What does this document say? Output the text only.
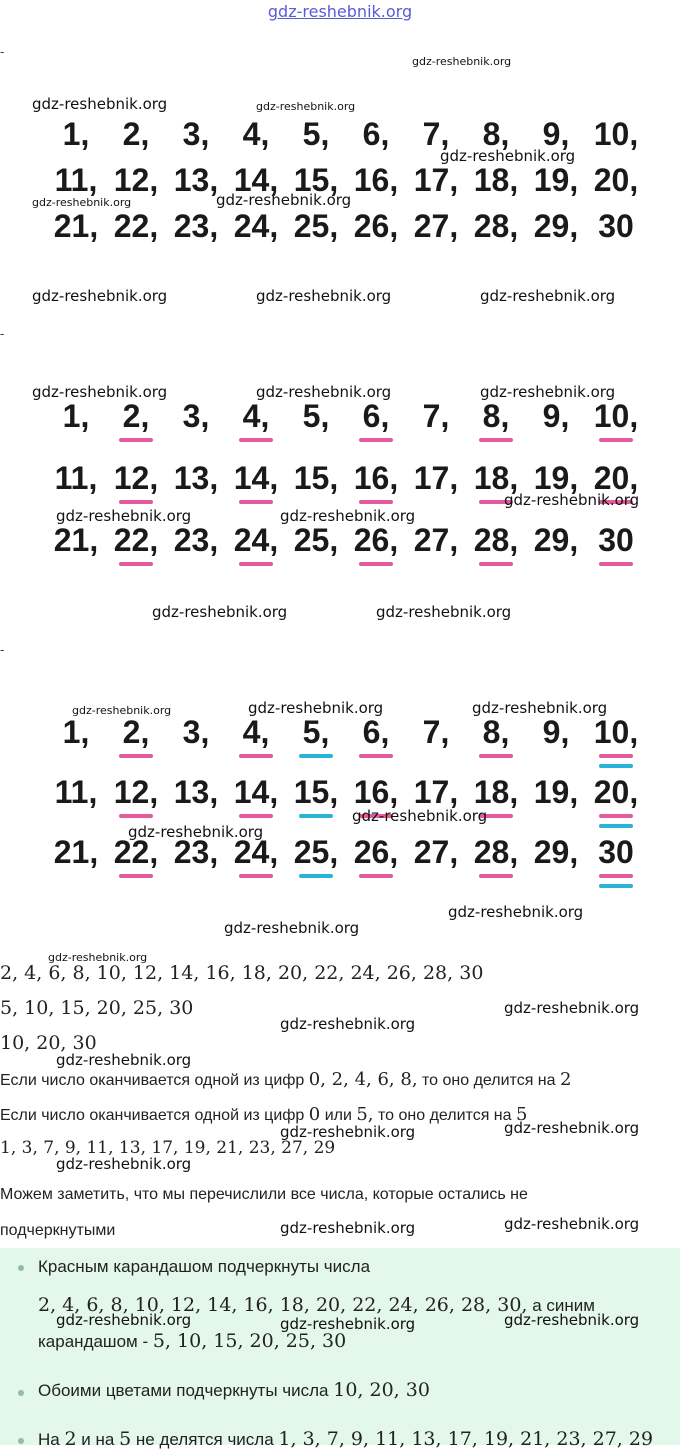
gdz-reshebnik.org
-
-
-
1,	2,	3,	4,	5,	6,	7,	8,	9, 10,
11, 12, 13, 14, 15, 16, 17, 18, 19, 20,
21, 22, 23, 24, 25, 26, 27, 28, 29, 30
1,	2,	3,	4,	5,	6,	7,	8,	9, 10,
11, 12, 13, 14, 15, 16, 17, 18, 19, 20,
21, 22, 23, 24, 25, 26, 27, 28, 29, 30
1,	2,	3,	4,	5,	6,	7,	8,	9, 10,
11, 12, 13, 14, 15, 16, 17, 18, 19, 20,
21, 22, 23, 24, 25, 26, 27, 28, 29, 30
2, 4, 6, 8, 10, 12, 14, 16, 18, 20, 22, 24, 26, 28, 30
5, 10, 15, 20, 25, 30
10, 20, 30
Если число оканчивается одной из цифр 0, 2, 4, 6, 8, то оно делится на 2
Если число оканчивается одной из цифр 0 или 5, то оно делится на 5
1, 3, 7, 9, 11, 13, 17, 19, 21, 23, 27, 29
Можем заметить, что мы перечислили все числа, которые остались не
подчеркнутыми
Красным карандашом подчеркнуты числа
2, 4, 6, 8, 10, 12, 14, 16, 18, 20, 22, 24, 26, 28, 30, а синим
карандашом - 5, 10, 15, 20, 25, 30
Обоими цветами подчеркнуты числа 10, 20, 30
На 2 и на 5 не делятся числа 1, 3, 7, 9, 11, 13, 17, 19, 21, 23, 27, 29
gdz-reshebnik.org
gdz-reshebnik.org	gdz-reshebnik.org
gdz-reshebnik.org
gdz-reshebnik.org	gdz-reshebnik.org
gdz-reshebnik.org	gdz-reshebnik.org	gdz-reshebnik.org
gdz-reshebnik.org	gdz-reshebnik.org	gdz-reshebnik.org
gdz-reshebnik.org
gdz-reshebnik.org	gdz-reshebnik.org
gdz-reshebnik.org	gdz-reshebnik.org
gdz-reshebnik.org	gdz-reshebnik.org	gdz-reshebnik.org
gdz-reshebnik.org
gdz-reshebnik.org
gdz-reshebnik.org
gdz-reshebnik.org
gdz-reshebnik.org
gdz-reshebnik.org
gdz-reshebnik.org
gdz-reshebnik.org
gdz-reshebnik.org
gdz-reshebnik.org
gdz-reshebnik.org
gdz-reshebnik.org
gdz-reshebnik.org
gdz-reshebnik.org	gdz-reshebnik.org	gdz-reshebnik.org
